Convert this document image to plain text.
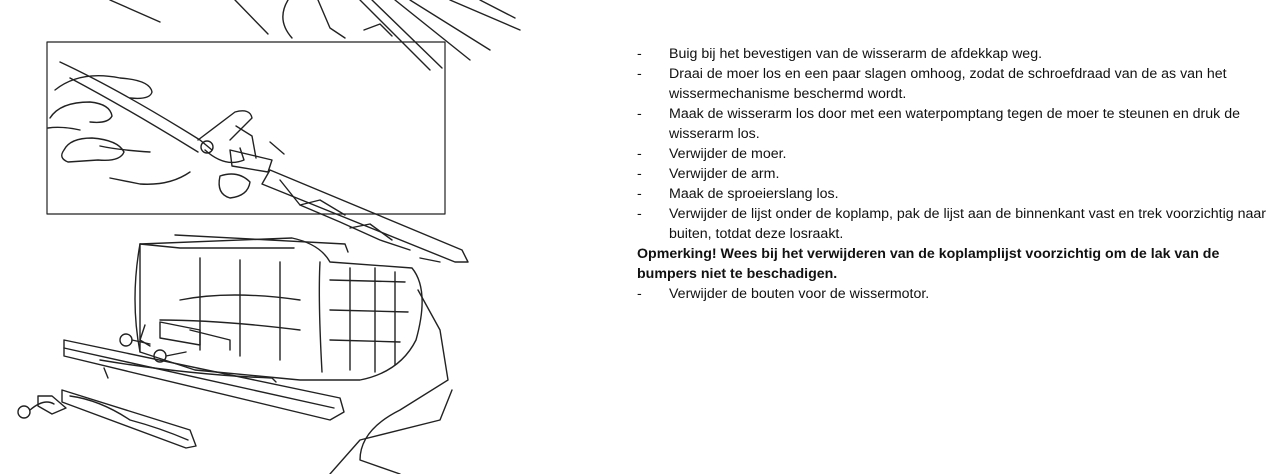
-	Buig bij het bevestigen van de wisserarm de afdekkap weg.

-	Draai de moer los en een paar slagen omhoog, zodat de schroefdraad van de as van het wissermechanisme beschermd wordt.

-	Maak de wisserarm los door met een waterpomptang tegen de moer te steunen en druk de wisserarm los.

-	Verwijder de moer.

-	Verwijder de arm.

-	Maak de sproeierslang los.

-	Verwijder de lijst onder de koplamp, pak de lijst aan de binnenkant vast en trek voorzichtig naar buiten, totdat deze losraakt.

Opmerking! Wees bij het verwijderen van de koplamplijst voorzichtig om de lak van de bumpers niet te beschadigen.

-	Verwijder de bouten voor de wissermotor.
